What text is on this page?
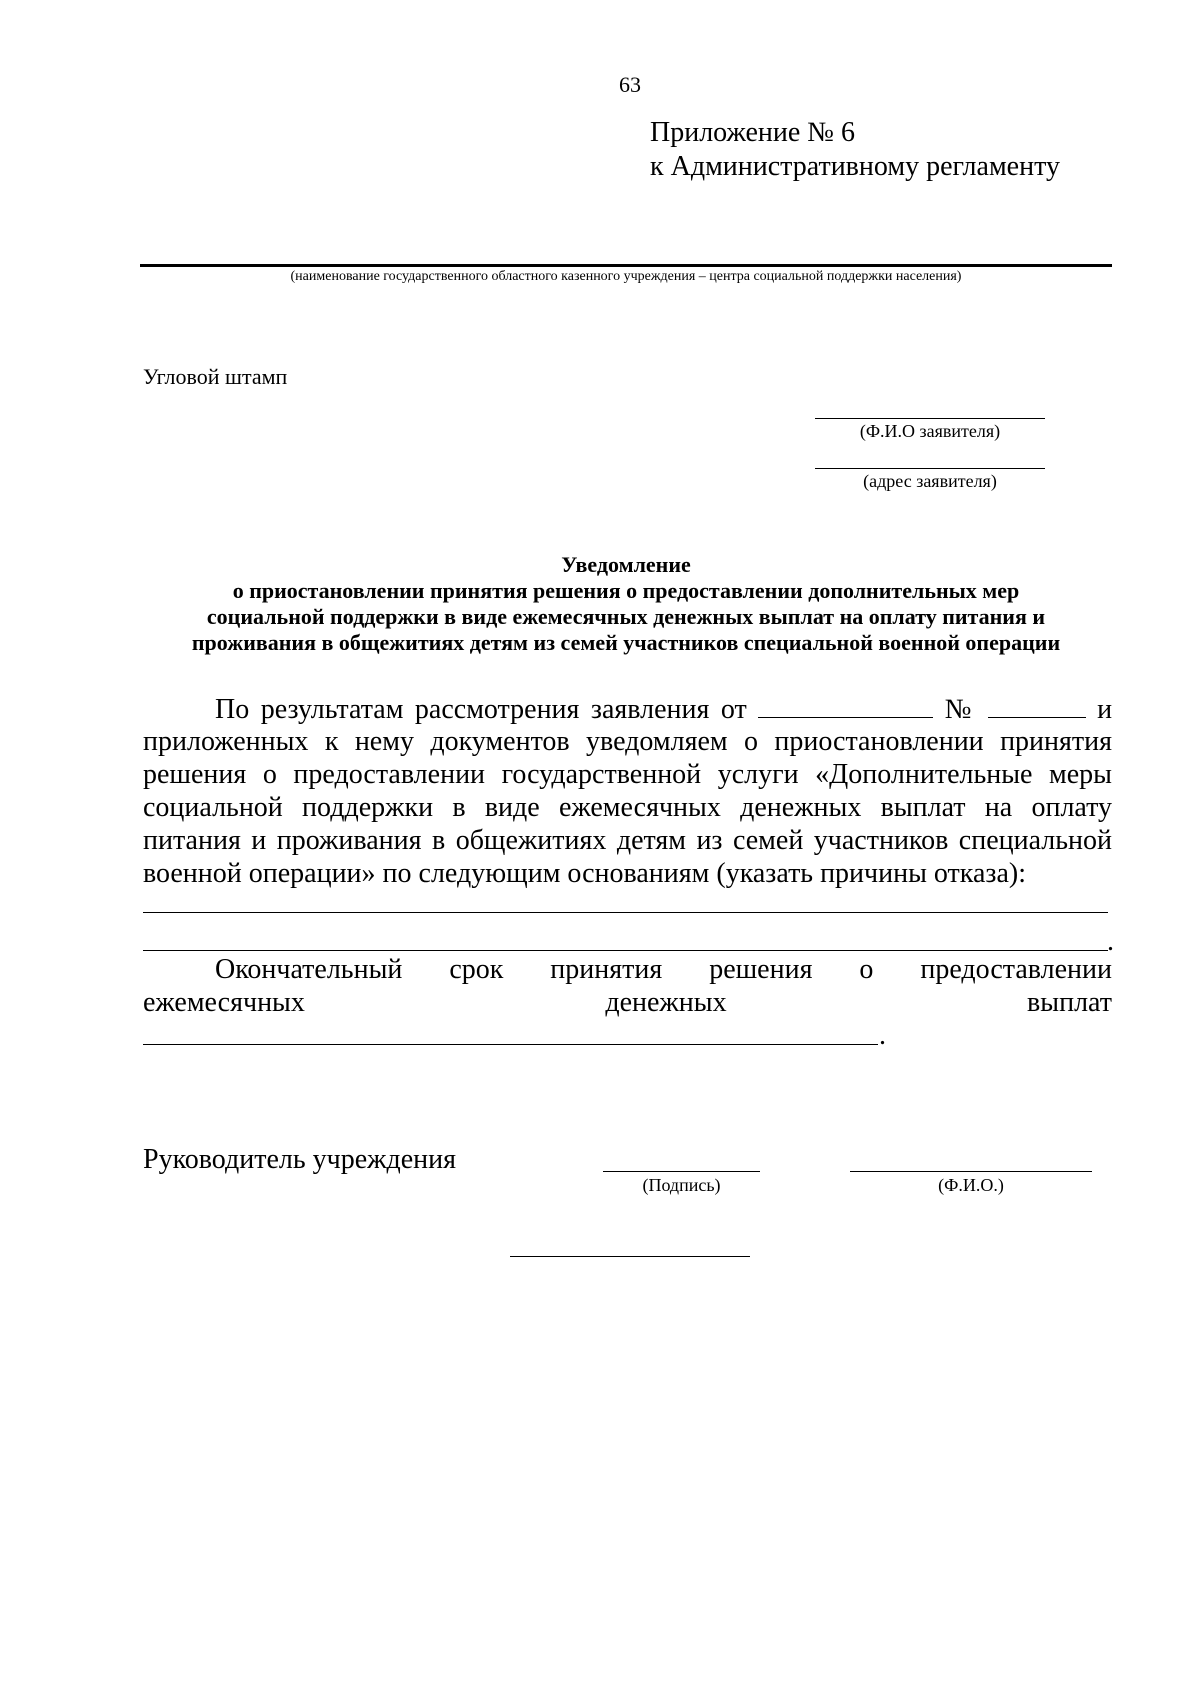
63
Приложение № 6
к Административному регламенту
(наименование государственного областного казенного учреждения – центра социальной поддержки населения)
Угловой штамп
(Ф.И.О заявителя)
(адрес заявителя)
Уведомление
о приостановлении принятия решения о предоставлении дополнительных мер
социальной поддержки в виде ежемесячных денежных выплат на оплату питания и
проживания в общежитиях детям из семей участников специальной военной операции
По результатам рассмотрения заявления от	№	и
приложенных к нему документов уведомляем о приостановлении принятия
решения о предоставлении государственной услуги «Дополнительные меры
социальной поддержки в виде ежемесячных денежных выплат на оплату
питания и проживания в общежитиях детям из семей участников специальной
военной операции» по следующим основаниям (указать причины отказа):
.
Окончательный срок принятия решения о предоставлении
ежемесячных денежных выплат
.
Руководитель учреждения
(Подпись)	(Ф.И.О.)
